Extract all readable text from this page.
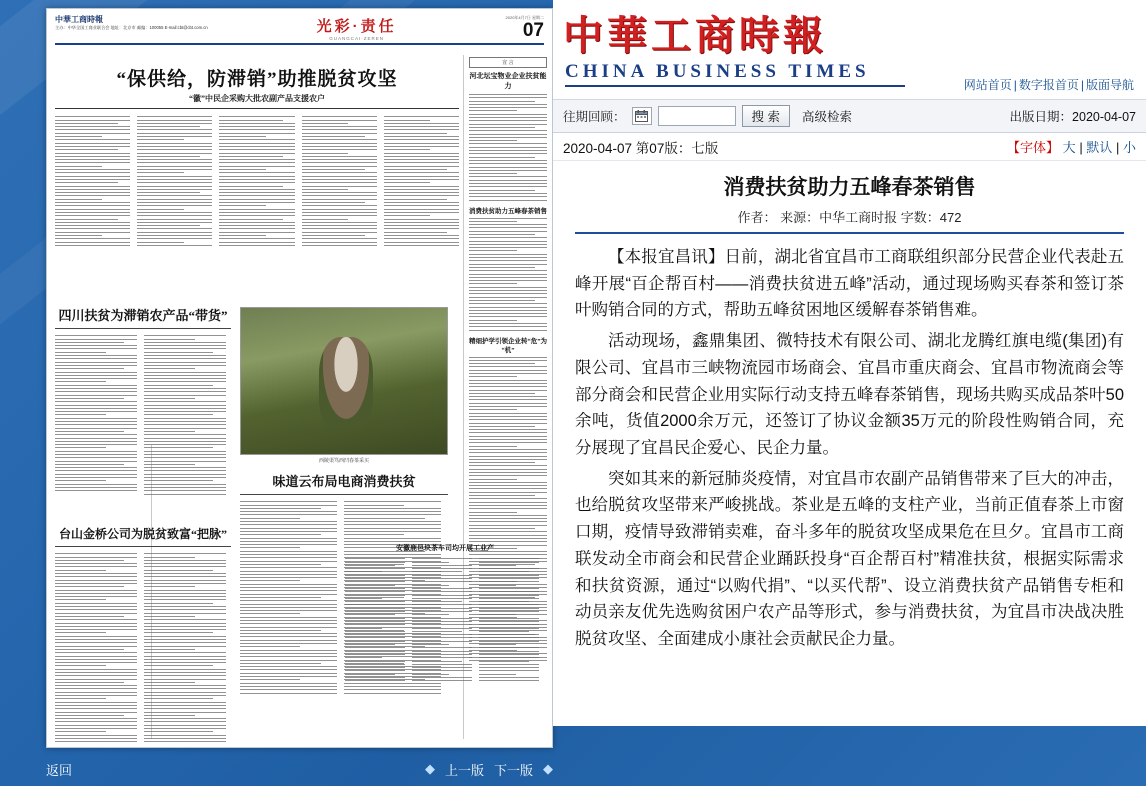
中華工商時報
主办：中华全国工商业联合会 地址：北京市 邮编：100055 E-mail:cbt@cbt.com.cn	光彩·责任
GUANGCAI·ZEREN
2020年4月7日 星期二
07
“保供给，防滞销”助推脱贫攻坚
“徽”中民企采购大批农副产品支援农户
宣 言
河北坛宝物业企业扶贫能力
消费扶贫助力五峰春茶销售
精细护学引领企业转“危”为“机”
四川扶贫为滞销农产品“带货”
西陵渠笃西凹春茶采买
味道云布局电商消费扶贫
台山金桥公司为脱贫致富“把脉”
安徽鹿邑块茶车司均开展工业产
返回	◆ 上一版 下一版 ◆
中華工商時報
CHINA BUSINESS TIMES
网站首页 | 数字报首页 | 版面导航
往期回顾：	搜 索	高级检索	出版日期：2020-04-07
2020-04-07 第07版：七版	【字体】 大 | 默认 | 小
消费扶贫助力五峰春茶销售
作者： 来源：中华工商时报 字数：472

【本报宜昌讯】日前，湖北省宜昌市工商联组织部分民营企业代表赴五峰开展“百企帮百村——消费扶贫进五峰”活动，通过现场购买春茶和签订茶叶购销合同的方式，帮助五峰贫困地区缓解春茶销售难。

活动现场，鑫鼎集团、微特技术有限公司、湖北龙腾红旗电缆(集团)有限公司、宜昌市三峡物流园市场商会、宜昌市重庆商会、宜昌市物流商会等部分商会和民营企业用实际行动支持五峰春茶销售，现场共购买成品茶叶50余吨，货值2000余万元，还签订了协议金额35万元的阶段性购销合同，充分展现了宜昌民企爱心、民企力量。

突如其来的新冠肺炎疫情，对宜昌市农副产品销售带来了巨大的冲击，也给脱贫攻坚带来严峻挑战。茶业是五峰的支柱产业，当前正值春茶上市窗口期，疫情导致滞销卖难，奋斗多年的脱贫攻坚成果危在旦夕。宜昌市工商联发动全市商会和民营企业踊跃投身“百企帮百村”精准扶贫，根据实际需求和扶贫资源，通过“以购代捐”、“以买代帮”、设立消费扶贫产品销售专柜和动员亲友优先选购贫困户农产品等形式，参与消费扶贫，为宜昌市决战决胜脱贫攻坚、全面建成小康社会贡献民企力量。
